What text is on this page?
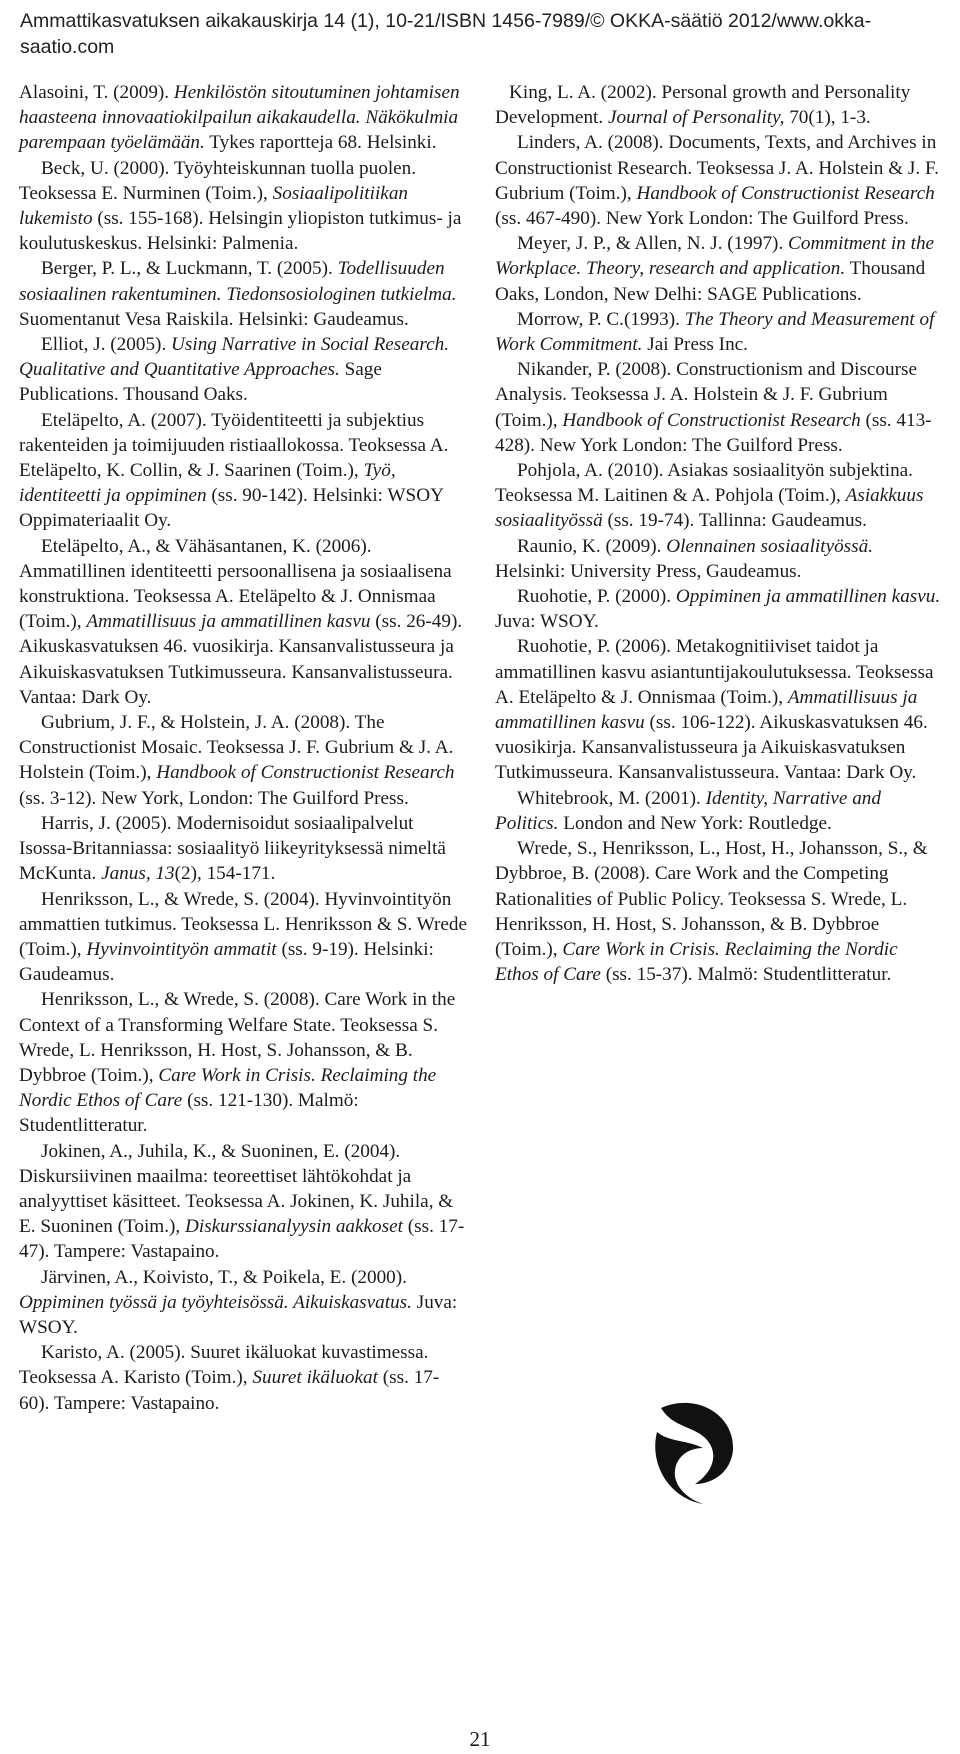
Ammattikasvatuksen aikakauskirja 14 (1), 10-21/ISBN 1456-7989/© OKKA-säätiö 2012/www.okka-
saatio.com

Alasoini, T. (2009). Henkilöstön sitoutuminen johtamisen haasteena innovaatiokilpailun aikakaudella. Näkökulmia parempaan työelämään. Tykes raportteja 68. Helsinki.

Beck, U. (2000). Työyhteiskunnan tuolla puolen. Teoksessa E. Nurminen (Toim.), Sosiaalipolitiikan lukemisto (ss. 155-168). Helsingin yliopiston tutkimus- ja koulutuskeskus. Helsinki: Palmenia.

Berger, P. L., & Luckmann, T. (2005). Todellisuuden sosiaalinen rakentuminen. Tiedonsosiologinen tutkielma. Suomentanut Vesa Raiskila. Helsinki: Gaudeamus.

Elliot, J. (2005). Using Narrative in Social Research. Qualitative and Quantitative Approaches. Sage Publications. Thousand Oaks.

Eteläpelto, A. (2007). Työidentiteetti ja subjektius rakenteiden ja toimijuuden ristiaallokossa. Teoksessa A. Eteläpelto, K. Collin, & J. Saarinen (Toim.), Työ, identiteetti ja oppiminen (ss. 90-142). Helsinki: WSOY Oppimateriaalit Oy.

Eteläpelto, A., & Vähäsantanen, K. (2006). Ammatillinen identiteetti persoonallisena ja sosiaalisena konstruktiona. Teoksessa A. Eteläpelto & J. Onnismaa (Toim.), Ammatillisuus ja ammatillinen kasvu (ss. 26-49). Aikuskasvatuksen 46. vuosikirja. Kansanvalistusseura ja Aikuiskasvatuksen Tutkimusseura. Kansanvalistusseura. Vantaa: Dark Oy.

Gubrium, J. F., & Holstein, J. A. (2008). The Constructionist Mosaic. Teoksessa J. F. Gubrium & J. A. Holstein (Toim.), Handbook of Constructionist Research (ss. 3-12). New York, London: The Guilford Press.

Harris, J. (2005). Modernisoidut sosiaalipalvelut Isossa-Britanniassa: sosiaalityö liikeyrityksessä nimeltä McKunta. Janus, 13(2), 154-171.

Henriksson, L., & Wrede, S. (2004). Hyvinvointityön ammattien tutkimus. Teoksessa L. Henriksson & S. Wrede (Toim.), Hyvinvointityön ammatit (ss. 9-19). Helsinki: Gaudeamus.

Henriksson, L., & Wrede, S. (2008). Care Work in the Context of a Transforming Welfare State. Teoksessa S. Wrede, L. Henriksson, H. Host, S. Johansson, & B. Dybbroe (Toim.), Care Work in Crisis. Reclaiming the Nordic Ethos of Care (ss. 121-130). Malmö: Studentlitteratur.

Jokinen, A., Juhila, K., & Suoninen, E. (2004). Diskursiivinen maailma: teoreettiset lähtökohdat ja analyyttiset käsitteet. Teoksessa A. Jokinen, K. Juhila, & E. Suoninen (Toim.), Diskurssianalyysin aakkoset (ss. 17-47). Tampere: Vastapaino.

Järvinen, A., Koivisto, T., & Poikela, E. (2000). Oppiminen työssä ja työyhteisössä. Aikuiskasvatus. Juva: WSOY.

Karisto, A. (2005). Suuret ikäluokat kuvastimessa. Teoksessa A. Karisto (Toim.), Suuret ikäluokat (ss. 17-60). Tampere: Vastapaino.

King, L. A. (2002). Personal growth and Personality Development. Journal of Personality, 70(1), 1-3.

Linders, A. (2008). Documents, Texts, and Archives in Constructionist Research. Teoksessa J. A. Holstein & J. F. Gubrium (Toim.), Handbook of Constructionist Research (ss. 467-490). New York London: The Guilford Press.

Meyer, J. P., & Allen, N. J. (1997). Commitment in the Workplace. Theory, research and application. Thousand Oaks, London, New Delhi: SAGE Publications.

Morrow, P. C.(1993). The Theory and Measurement of Work Commitment. Jai Press Inc.

Nikander, P. (2008). Constructionism and Discourse Analysis. Teoksessa J. A. Holstein & J. F. Gubrium (Toim.), Handbook of Constructionist Research (ss. 413-428). New York London: The Guilford Press.

Pohjola, A. (2010). Asiakas sosiaalityön subjektina. Teoksessa M. Laitinen & A. Pohjola (Toim.), Asiakkuus sosiaalityössä (ss. 19-74). Tallinna: Gaudeamus.

Raunio, K. (2009). Olennainen sosiaalityössä. Helsinki: University Press, Gaudeamus.

Ruohotie, P. (2000). Oppiminen ja ammatillinen kasvu. Juva: WSOY.

Ruohotie, P. (2006). Metakognitiiviset taidot ja ammatillinen kasvu asiantuntijakoulutuksessa. Teoksessa A. Eteläpelto & J. Onnismaa (Toim.), Ammatillisuus ja ammatillinen kasvu (ss. 106-122). Aikuskasvatuksen 46. vuosikirja. Kansanvalistusseura ja Aikuiskasvatuksen Tutkimusseura. Kansanvalistusseura. Vantaa: Dark Oy.

Whitebrook, M. (2001). Identity, Narrative and Politics. London and New York: Routledge.

Wrede, S., Henriksson, L., Host, H., Johansson, S., & Dybbroe, B. (2008). Care Work and the Competing Rationalities of Public Policy. Teoksessa S. Wrede, L. Henriksson, H. Host, S. Johansson, & B. Dybbroe (Toim.), Care Work in Crisis. Reclaiming the Nordic Ethos of Care (ss. 15-37). Malmö: Studentlitteratur.

21
